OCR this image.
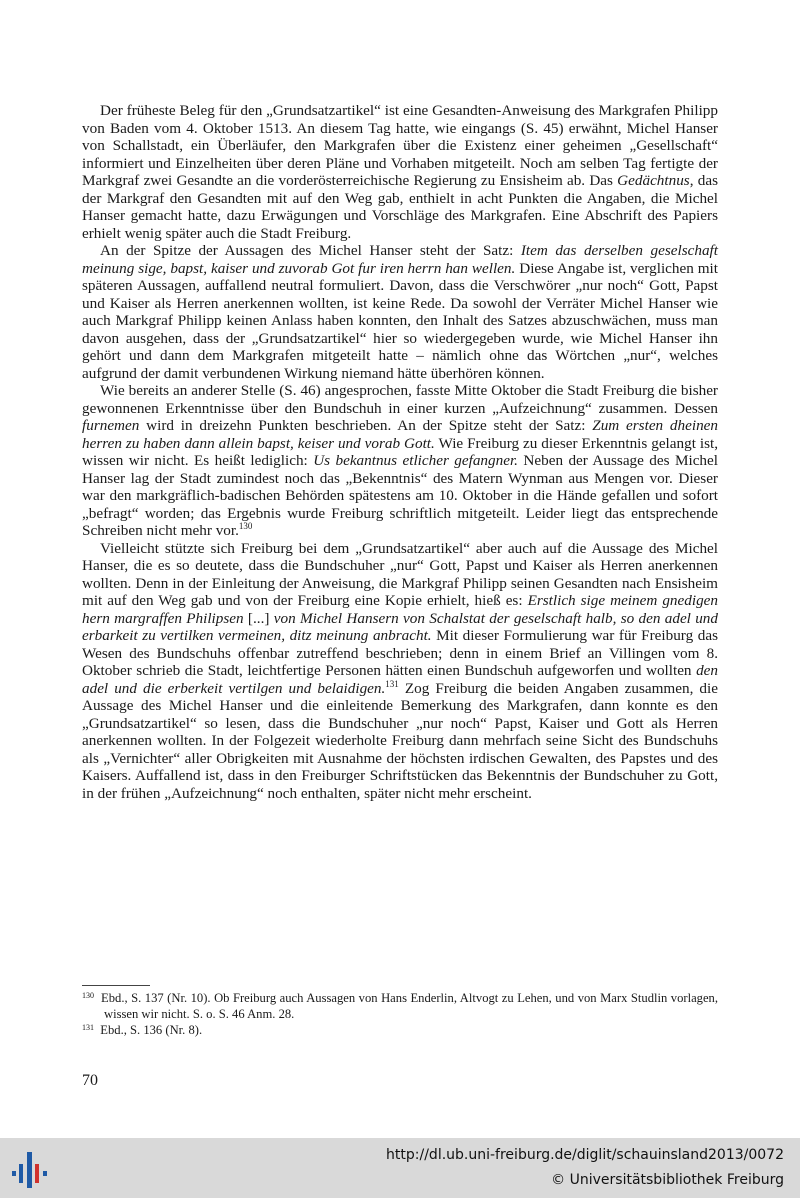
Der früheste Beleg für den „Grundsatzartikel“ ist eine Gesandten-Anweisung des Markgrafen Philipp von Baden vom 4. Oktober 1513. An diesem Tag hatte, wie eingangs (S. 45) erwähnt, Michel Hanser von Schallstadt, ein Überläufer, den Markgrafen über die Existenz einer geheimen „Gesellschaft“ informiert und Einzelheiten über deren Pläne und Vorhaben mitgeteilt. Noch am selben Tag fertigte der Markgraf zwei Gesandte an die vorderösterreichische Regierung zu Ensisheim ab. Das Gedächtnus, das der Markgraf den Gesandten mit auf den Weg gab, enthielt in acht Punkten die Angaben, die Michel Hanser gemacht hatte, dazu Erwägungen und Vorschläge des Markgrafen. Eine Abschrift des Papiers erhielt wenig später auch die Stadt Freiburg.

An der Spitze der Aussagen des Michel Hanser steht der Satz: Item das derselben geselschaft meinung sige, bapst, kaiser und zuvorab Got fur iren herrn han wellen. Diese Angabe ist, verglichen mit späteren Aussagen, auffallend neutral formuliert. Davon, dass die Verschwörer „nur noch“ Gott, Papst und Kaiser als Herren anerkennen wollten, ist keine Rede. Da sowohl der Verräter Michel Hanser wie auch Markgraf Philipp keinen Anlass haben konnten, den Inhalt des Satzes abzuschwächen, muss man davon ausgehen, dass der „Grundsatzartikel“ hier so wiedergegeben wurde, wie Michel Hanser ihn gehört und dann dem Markgrafen mitgeteilt hatte – nämlich ohne das Wörtchen „nur“, welches aufgrund der damit verbundenen Wirkung niemand hätte überhören können.

Wie bereits an anderer Stelle (S. 46) angesprochen, fasste Mitte Oktober die Stadt Freiburg die bisher gewonnenen Erkenntnisse über den Bundschuh in einer kurzen „Aufzeichnung“ zusammen. Dessen furnemen wird in dreizehn Punkten beschrieben. An der Spitze steht der Satz: Zum ersten dheinen herren zu haben dann allein bapst, keiser und vorab Gott. Wie Freiburg zu dieser Erkenntnis gelangt ist, wissen wir nicht. Es heißt lediglich: Us bekantnus etlicher gefangner. Neben der Aussage des Michel Hanser lag der Stadt zumindest noch das „Bekenntnis“ des Matern Wynman aus Mengen vor. Dieser war den markgräflich-badischen Behörden spätestens am 10. Oktober in die Hände gefallen und sofort „befragt“ worden; das Ergebnis wurde Freiburg schriftlich mitgeteilt. Leider liegt das entsprechende Schreiben nicht mehr vor.$^{130}$

Vielleicht stützte sich Freiburg bei dem „Grundsatzartikel“ aber auch auf die Aussage des Michel Hanser, die es so deutete, dass die Bundschuher „nur“ Gott, Papst und Kaiser als Herren anerkennen wollten. Denn in der Einleitung der Anweisung, die Markgraf Philipp seinen Gesandten nach Ensisheim mit auf den Weg gab und von der Freiburg eine Kopie erhielt, hieß es: Erstlich sige meinem gnedigen hern margraffen Philipsen [...] von Michel Hansern von Schalstat der geselschaft halb, so den adel und erbarkeit zu vertilken vermeinen, ditz meinung anbracht. Mit dieser Formulierung war für Freiburg das Wesen des Bundschuhs offenbar zutreffend beschrieben; denn in einem Brief an Villingen vom 8. Oktober schrieb die Stadt, leichtfertige Personen hätten einen Bundschuh aufgeworfen und wollten den adel und die erberkeit vertilgen und belaidigen.$^{131}$ Zog Freiburg die beiden Angaben zusammen, die Aussage des Michel Hanser und die einleitende Bemerkung des Markgrafen, dann konnte es den „Grundsatzartikel“ so lesen, dass die Bundschuher „nur noch“ Papst, Kaiser und Gott als Herren anerkennen wollten. In der Folgezeit wiederholte Freiburg dann mehrfach seine Sicht des Bundschuhs als „Vernichter“ aller Obrigkeiten mit Ausnahme der höchsten irdischen Gewalten, des Papstes und des Kaisers. Auffallend ist, dass in den Freiburger Schriftstücken das Bekenntnis der Bundschuher zu Gott, in der frühen „Aufzeichnung“ noch enthalten, später nicht mehr erscheint.

$^{130}$ Ebd., S. 137 (Nr. 10). Ob Freiburg auch Aussagen von Hans Enderlin, Altvogt zu Lehen, und von Marx Studlin vorlagen, wissen wir nicht. S. o. S. 46 Anm. 28.

$^{131}$ Ebd., S. 136 (Nr. 8).

70
http://dl.ub.uni-freiburg.de/diglit/schauinsland2013/0072
© Universitätsbibliothek Freiburg
